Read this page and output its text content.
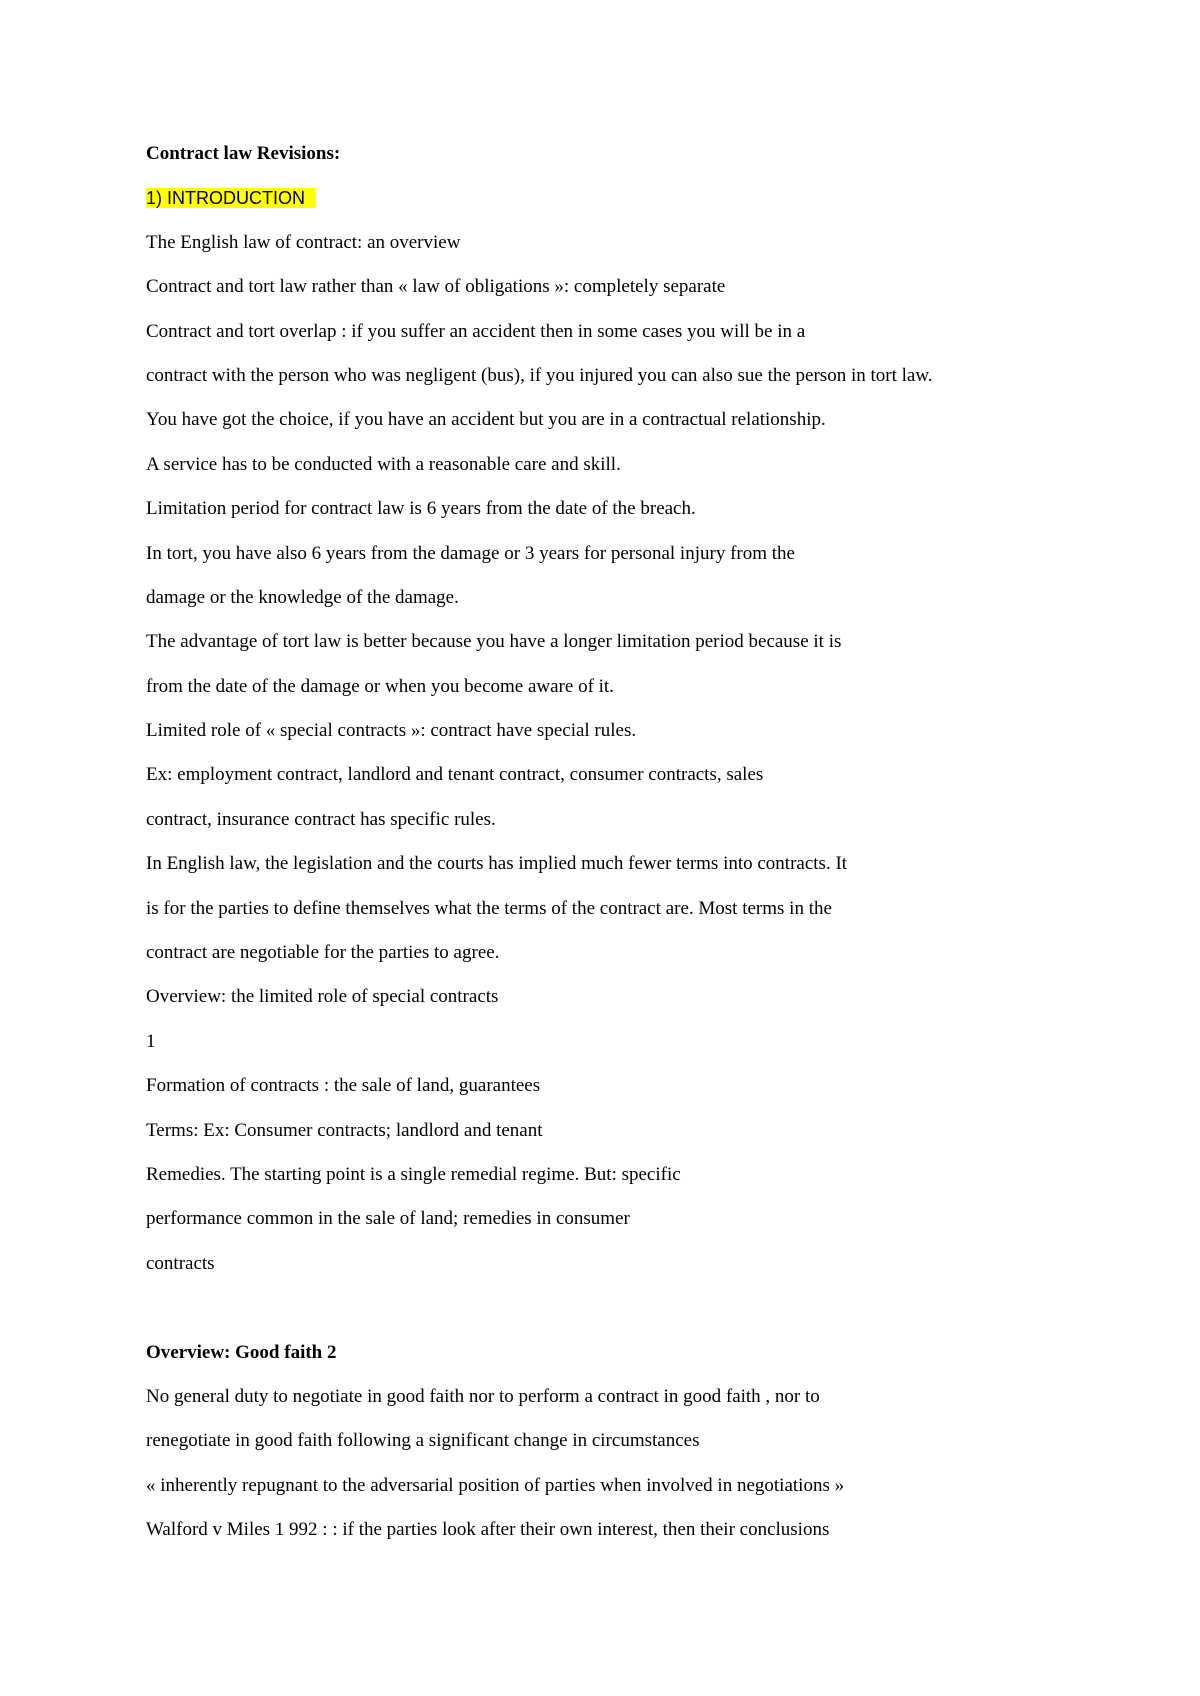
Contract law Revisions:
1) INTRODUCTION
The English law of contract: an overview
Contract and tort law rather than « law of obligations »: completely separate
Contract and tort overlap : if you suffer an accident then in some cases you will be in a
contract with the person who was negligent (bus), if you injured you can also sue the person in tort law.
You have got the choice, if you have an accident but you are in a contractual relationship.
A service has to be conducted with a reasonable care and skill.
Limitation period for contract law is 6 years from the date of the breach.
In tort, you have also 6 years from the damage or 3 years for personal injury from the
damage or the knowledge of the damage.
The advantage of tort law is better because you have a longer limitation period because it is
from the date of the damage or when you become aware of it.
Limited role of « special contracts »: contract have special rules.
Ex: employment contract, landlord and tenant contract, consumer contracts, sales
contract, insurance contract has specific rules.
In English law, the legislation and the courts has implied much fewer terms into contracts. It
is for the parties to define themselves what the terms of the contract are. Most terms in the
contract are negotiable for the parties to agree.
Overview: the limited role of special contracts
1
Formation of contracts : the sale of land, guarantees
Terms: Ex: Consumer contracts; landlord and tenant
Remedies. The starting point is a single remedial regime. But: specific
performance common in the sale of land; remedies in consumer
contracts
Overview: Good faith 2
No general duty to negotiate in good faith nor to perform a contract in good faith , nor to
renegotiate in good faith following a significant change in circumstances
« inherently repugnant to the adversarial position of parties when involved in negotiations »
Walford v Miles 1 992 : : if the parties look after their own interest, then their conclusions
